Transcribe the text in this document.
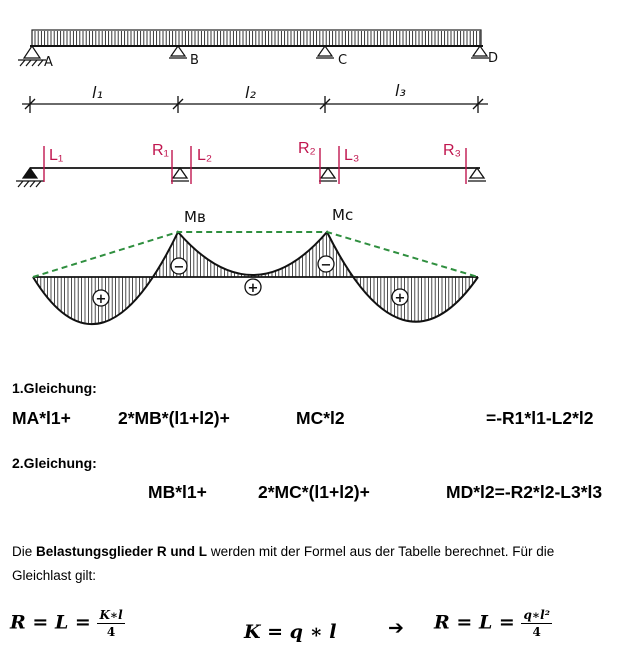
A	B	C	D
l₁	l₂	l₃
L₁	R₁ L₂	R₂ L₃	R₃
Mʙ	Mᴄ
+
−
+
−
+
1.Gleichung:
MA*l1+	2*MB*(l1+l2)+	MC*l2	=-R1*l1-L2*l2
2.Gleichung:
MB*l1+	2*MC*(l1+l2)+	MD*l2=-R2*l2-L3*l3
Die Belastungsglieder R und L werden mit der Formel aus der Tabelle berechnet. Für die Gleichlast gilt:
$R = L = \frac{K∗l}{4}$	K = q ∗ l	➔ $R = L = \frac{\text{q∗l²}}{4}$
